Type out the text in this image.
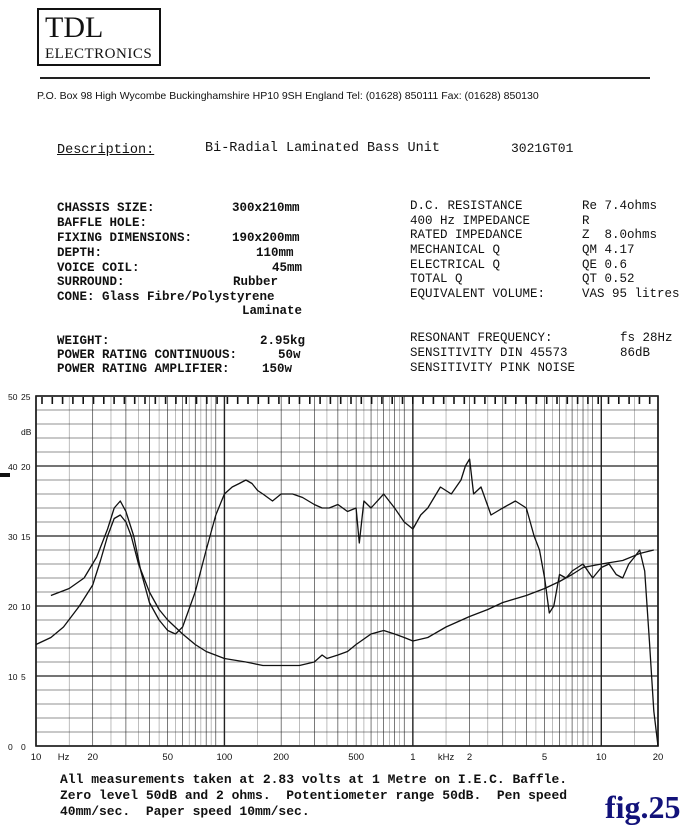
TDL
ELECTRONICS
P.O. Box 98 High Wycombe Buckinghamshire HP10 9SH England Tel: (01628) 850111 Fax: (01628) 850130
Description:	Bi-Radial Laminated Bass Unit	3021GT01
CHASSIS SIZE:	300x210mm
BAFFLE HOLE:
FIXING DIMENSIONS:	190x200mm
DEPTH:	110mm
VOICE COIL:	45mm
SURROUND:	Rubber
CONE: Glass Fibre/Polystyrene
Laminate
D.C. RESISTANCE	Re 7.4ohms
400 Hz IMPEDANCE	R
RATED IMPEDANCE	Z  8.0ohms
MECHANICAL Q	QM 4.17
ELECTRICAL Q	QE 0.6
TOTAL Q	QT 0.52
EQUIVALENT VOLUME:	VAS 95 litres
WEIGHT:	2.95kg
POWER RATING CONTINUOUS:	50w
POWER RATING AMPLIFIER:	150w
RESONANT FREQUENCY:	fs 28Hz
SENSITIVITY DIN 45573	86dB
SENSITIVITY PINK NOISE
10 Hz 20	50	100	200	500	1 kHz 2	5	10	20
50
40
30
20
10
0
25
dB
20
15
10
5
0
All measurements taken at 2.83 volts at 1 Metre on I.E.C. Baffle.
Zero level 50dB and 2 ohms.  Potentiometer range 50dB.  Pen speed
40mm/sec.  Paper speed 10mm/sec.	fig.25
